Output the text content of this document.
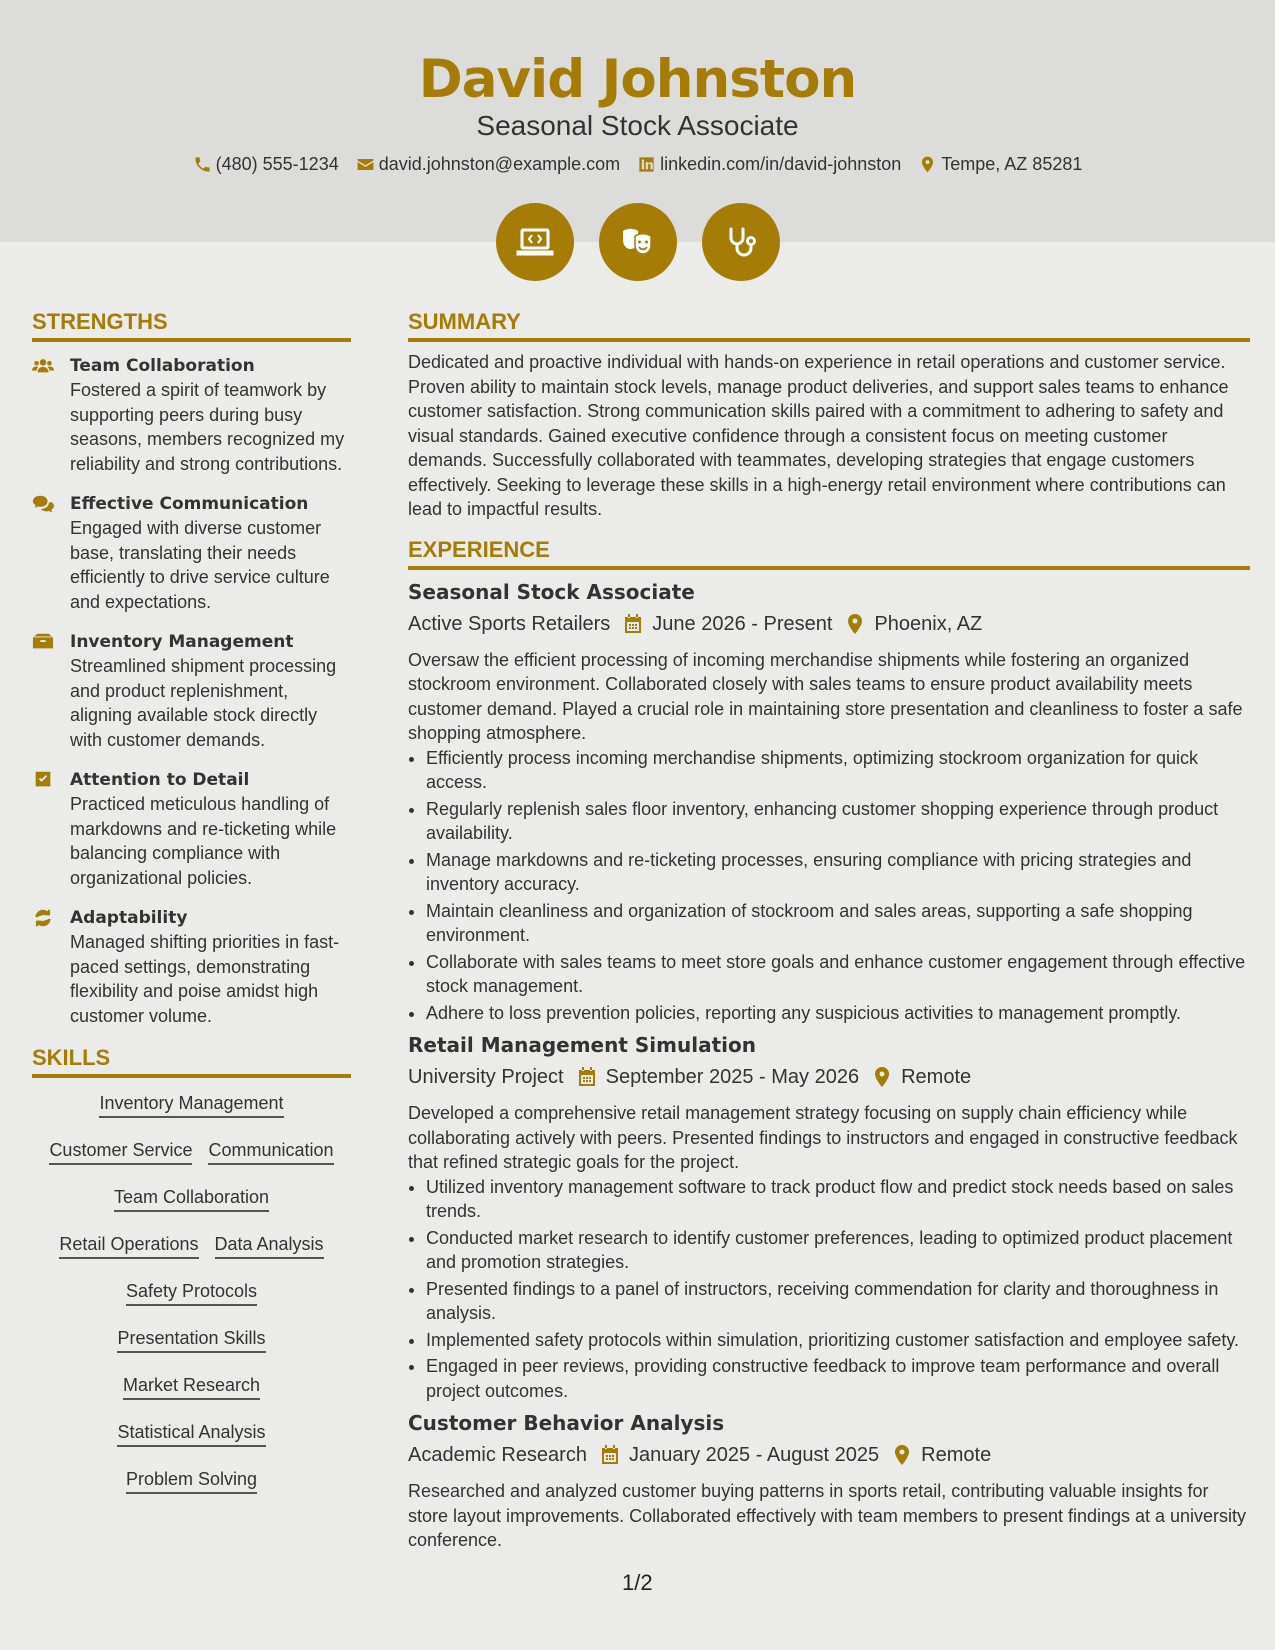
David Johnston
Seasonal Stock Associate
(480) 555-1234 david.johnston@example.com linkedin.com/in/david-johnston Tempe, AZ 85281
STRENGTHS
Team Collaboration
Fostered a spirit of teamwork by supporting peers during busy seasons, members recognized my reliability and strong contributions.
Effective Communication
Engaged with diverse customer base, translating their needs efficiently to drive service culture and expectations.
Inventory Management
Streamlined shipment processing and product replenishment, aligning available stock directly with customer demands.
Attention to Detail
Practiced meticulous handling of markdowns and re-ticketing while balancing compliance with organizational policies.
Adaptability
Managed shifting priorities in fast-paced settings, demonstrating flexibility and poise amidst high customer volume.
SKILLS
Inventory Management
Customer Service Communication
Team Collaboration
Retail Operations Data Analysis
Safety Protocols
Presentation Skills
Market Research
Statistical Analysis
Problem Solving
SUMMARY
Dedicated and proactive individual with hands-on experience in retail operations and customer service. Proven ability to maintain stock levels, manage product deliveries, and support sales teams to enhance customer satisfaction. Strong communication skills paired with a commitment to adhering to safety and visual standards. Gained executive confidence through a consistent focus on meeting customer demands. Successfully collaborated with teammates, developing strategies that engage customers effectively. Seeking to leverage these skills in a high-energy retail environment where contributions can lead to impactful results.
EXPERIENCE
Seasonal Stock Associate
Active Sports Retailers June 2026 - Present Phoenix, AZ
Oversaw the efficient processing of incoming merchandise shipments while fostering an organized stockroom environment. Collaborated closely with sales teams to ensure product availability meets customer demand. Played a crucial role in maintaining store presentation and cleanliness to foster a safe shopping atmosphere.
• Efficiently process incoming merchandise shipments, optimizing stockroom organization for quick access.
• Regularly replenish sales floor inventory, enhancing customer shopping experience through product availability.
• Manage markdowns and re-ticketing processes, ensuring compliance with pricing strategies and inventory accuracy.
• Maintain cleanliness and organization of stockroom and sales areas, supporting a safe shopping environment.
• Collaborate with sales teams to meet store goals and enhance customer engagement through effective stock management.
• Adhere to loss prevention policies, reporting any suspicious activities to management promptly.
Retail Management Simulation
University Project September 2025 - May 2026 Remote
Developed a comprehensive retail management strategy focusing on supply chain efficiency while collaborating actively with peers. Presented findings to instructors and engaged in constructive feedback that refined strategic goals for the project.
• Utilized inventory management software to track product flow and predict stock needs based on sales trends.
• Conducted market research to identify customer preferences, leading to optimized product placement and promotion strategies.
• Presented findings to a panel of instructors, receiving commendation for clarity and thoroughness in analysis.
• Implemented safety protocols within simulation, prioritizing customer satisfaction and employee safety.
• Engaged in peer reviews, providing constructive feedback to improve team performance and overall project outcomes.
Customer Behavior Analysis
Academic Research January 2025 - August 2025 Remote
Researched and analyzed customer buying patterns in sports retail, contributing valuable insights for store layout improvements. Collaborated effectively with team members to present findings at a university conference.
1/2
